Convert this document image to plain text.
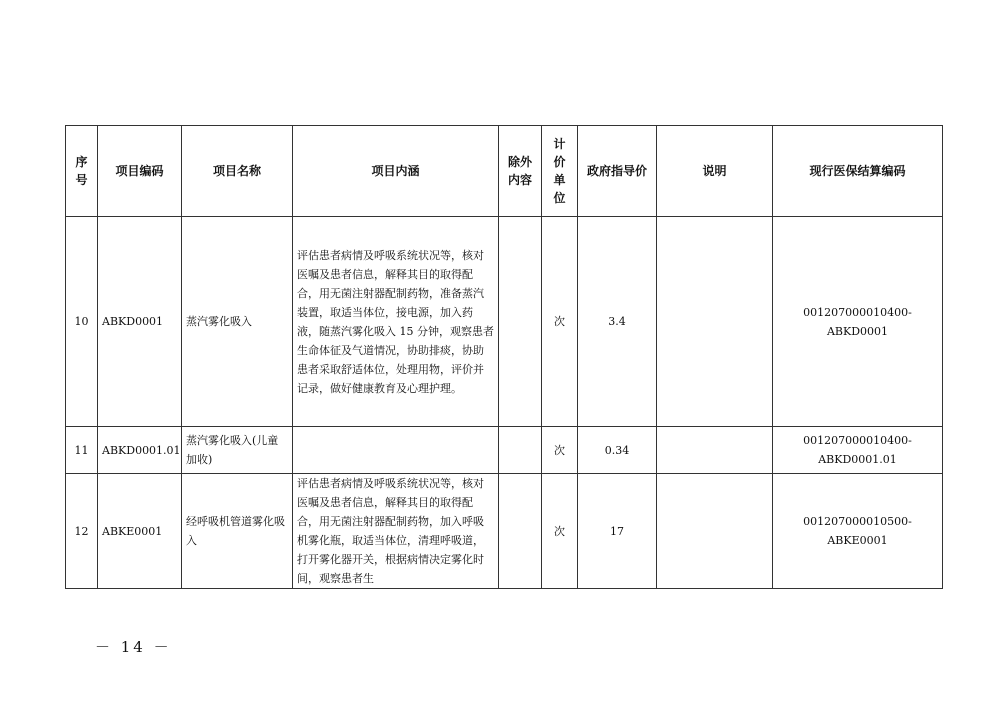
序号	项目编码	项目名称	项目内涵	除外内容	计价单位	政府指导价	说明	现行医保结算编码
10	ABKD0001	蒸汽雾化吸入	评估患者病情及呼吸系统状况等，核对医嘱及患者信息，解释其目的取得配合，用无菌注射器配制药物，准备蒸汽装置，取适当体位，接电源，加入药液，随蒸汽雾化吸入 15 分钟，观察患者生命体征及气道情况，协助排痰，协助患者采取舒适体位，处理用物，评价并记录，做好健康教育及心理护理。		次	3.4		001207000010400-ABKD0001
11	ABKD0001.01	蒸汽雾化吸入(儿童加收)			次	0.34		001207000010400-ABKD0001.01
12	ABKE0001	经呼吸机管道雾化吸入	评估患者病情及呼吸系统状况等，核对医嘱及患者信息，解释其目的取得配合，用无菌注射器配制药物，加入呼吸机雾化瓶，取适当体位，清理呼吸道，打开雾化器开关，根据病情决定雾化时间，观察患者生		次	17		001207000010500-ABKE0001
－ 14 －
